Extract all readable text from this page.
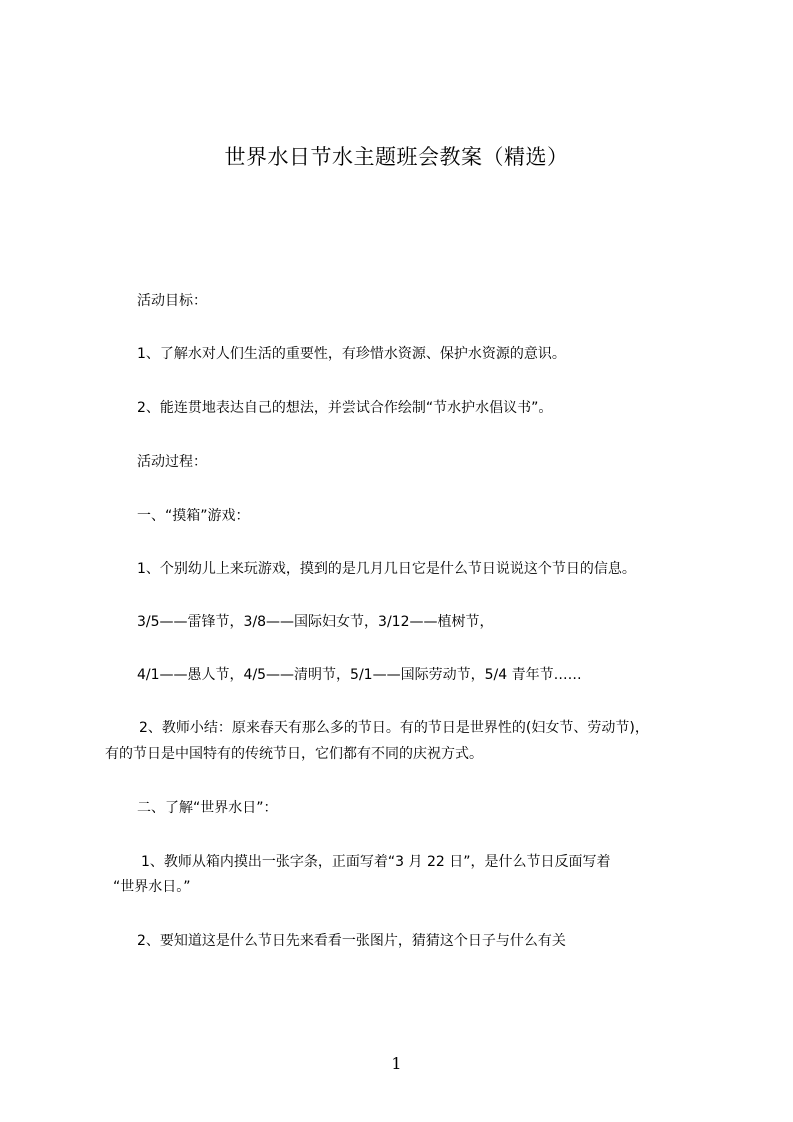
世界水日节水主题班会教案（精选）
活动目标：
1、了解水对人们生活的重要性，有珍惜水资源、保护水资源的意识。
2、能连贯地表达自己的想法，并尝试合作绘制“节水护水倡议书”。
活动过程：
一、“摸箱”游戏：
1、个别幼儿上来玩游戏，摸到的是几月几日它是什么节日说说这个节日的信息。
3/5——雷锋节，3/8——国际妇女节，3/12——植树节，
4/1——愚人节，4/5——清明节，5/1——国际劳动节，5/4 青年节……
2、教师小结：原来春天有那么多的节日。有的节日是世界性的(妇女节、劳动节)，
有的节日是中国特有的传统节日，它们都有不同的庆祝方式。
二、了解“世界水日”：
1、教师从箱内摸出一张字条，正面写着“3 月 22 日”，是什么节日反面写着
“世界水日。”
2、要知道这是什么节日先来看看一张图片，猜猜这个日子与什么有关
1
